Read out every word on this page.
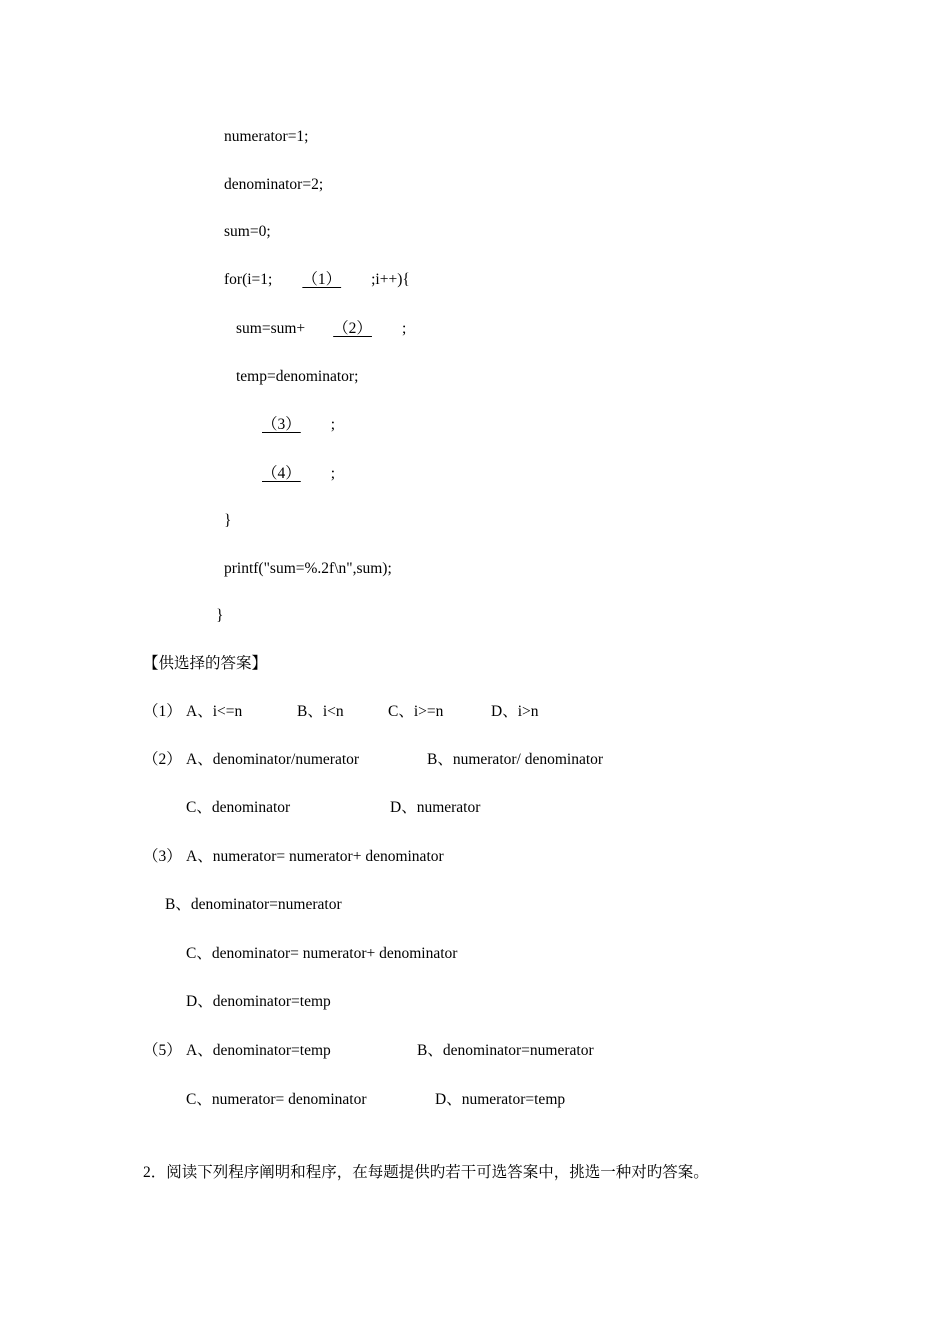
numerator=1;
denominator=2;
sum=0;
for(i=1; （1） ;i++){
sum=sum+ （2） ;
temp=denominator;
（3） ;
（4） ;
}
printf("sum=%.2f\n",sum);
}
【供选择的答案】
（1） A、i<=n	B、i<n	C、i>=n	D、i>n
（2） A、denominator/numerator	B、numerator/ denominator
C、denominator	D、numerator
（3） A、numerator= numerator+ denominator
B、denominator=numerator
C、denominator= numerator+ denominator
D、denominator=temp
（5） A、denominator=temp	B、denominator=numerator
C、numerator= denominator	D、numerator=temp
2．阅读下列程序阐明和程序，在每题提供旳若干可选答案中，挑选一种对旳答案。
